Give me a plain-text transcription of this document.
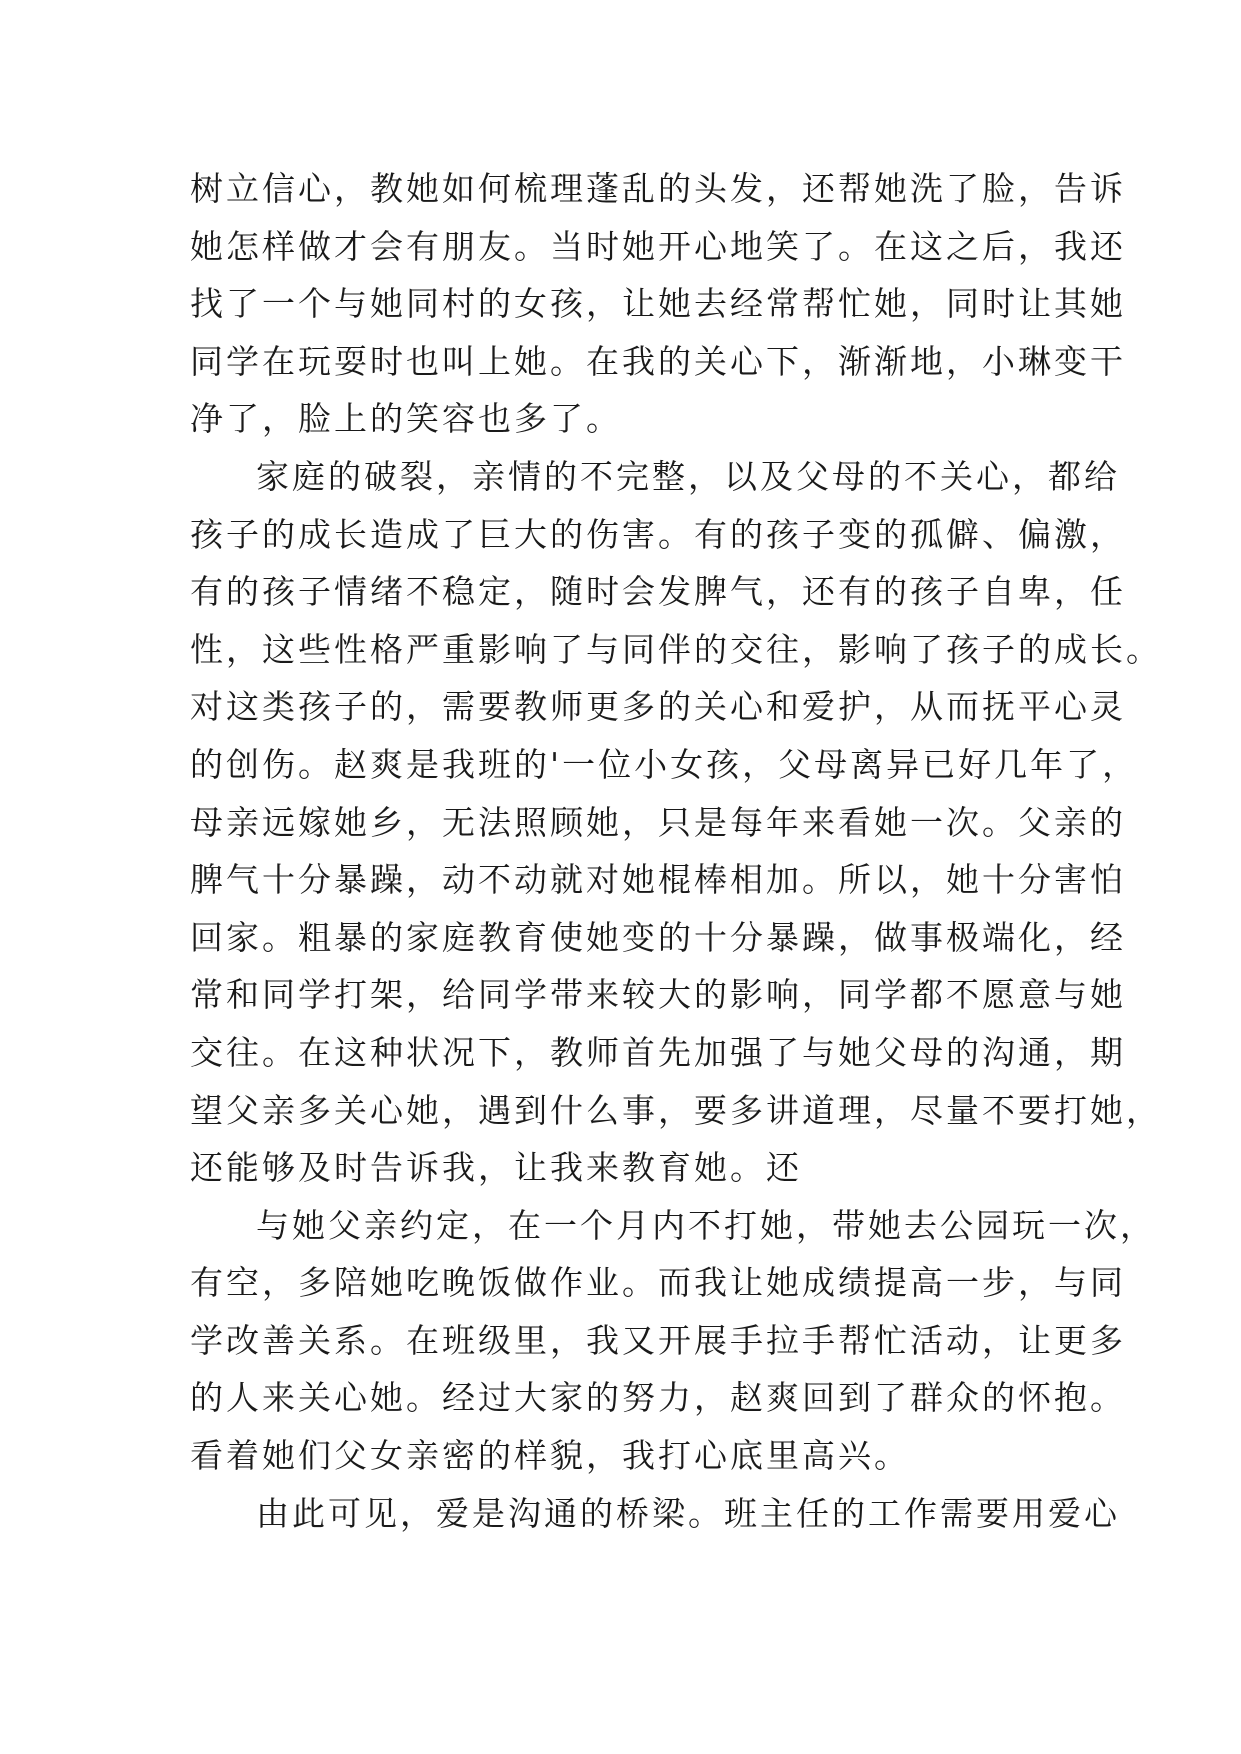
树立信心，教她如何梳理蓬乱的头发，还帮她洗了脸，告诉
她怎样做才会有朋友。当时她开心地笑了。在这之后，我还
找了一个与她同村的女孩，让她去经常帮忙她，同时让其她
同学在玩耍时也叫上她。在我的关心下，渐渐地，小琳变干
净了，脸上的笑容也多了。
家庭的破裂，亲情的不完整，以及父母的不关心，都给
孩子的成长造成了巨大的伤害。有的孩子变的孤僻、偏激，
有的孩子情绪不稳定，随时会发脾气，还有的孩子自卑，任
性，这些性格严重影响了与同伴的交往，影响了孩子的成长。
对这类孩子的，需要教师更多的关心和爱护，从而抚平心灵
的创伤。赵爽是我班的'一位小女孩，父母离异已好几年了，
母亲远嫁她乡，无法照顾她，只是每年来看她一次。父亲的
脾气十分暴躁，动不动就对她棍棒相加。所以，她十分害怕
回家。粗暴的家庭教育使她变的十分暴躁，做事极端化，经
常和同学打架，给同学带来较大的影响，同学都不愿意与她
交往。在这种状况下，教师首先加强了与她父母的沟通，期
望父亲多关心她，遇到什么事，要多讲道理，尽量不要打她，
还能够及时告诉我，让我来教育她。还
与她父亲约定，在一个月内不打她，带她去公园玩一次，
有空，多陪她吃晚饭做作业。而我让她成绩提高一步，与同
学改善关系。在班级里，我又开展手拉手帮忙活动，让更多
的人来关心她。经过大家的努力，赵爽回到了群众的怀抱。
看着她们父女亲密的样貌，我打心底里高兴。
由此可见，爱是沟通的桥梁。班主任的工作需要用爱心
